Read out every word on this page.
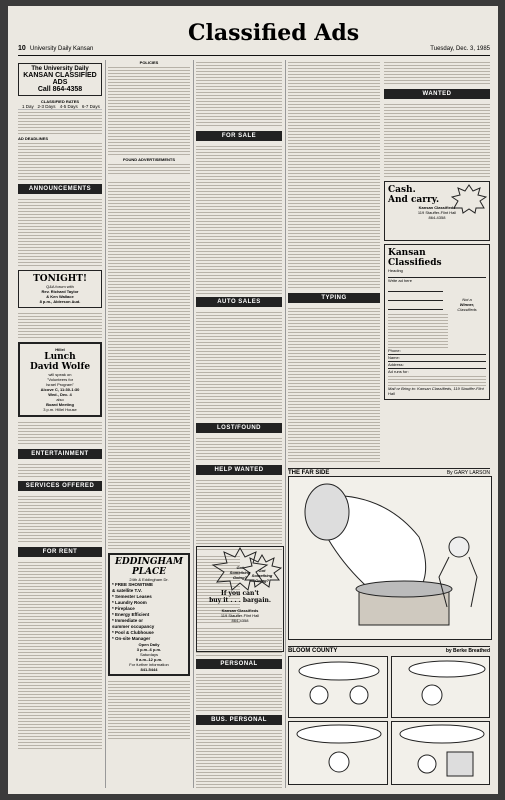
10 University Daily Kansan
Classified Ads
Tuesday, Dec. 3, 1985
The University Daily
KANSAN CLASSIFIED ADS
Call 864-4358
CLASSIFIED RATES
	1 Day	2-3 Days	4-5 Days	6-7 Days
AD DEADLINES
ANNOUNCEMENTS
TONIGHT!
Q&A forum with
Rev. Richard Taylor
& Ken Wallace
8 p.m., Alderson Aud.
Hillel
Lunch
David Wolfe
will speak on
"Volunteers for
Israel Program"
Alcove C, 11:30-1:30
Wed., Dec. 4
also
Board Meeting
3 p.m. Hillel House
ENTERTAINMENT
SERVICES OFFERED
FOR RENT
POLICIES
FOUND ADVERTISEMENTS
EDDINGHAM
PLACE
24th & Eddingham Dr.
* FREE SHOWTIME
& satellite T.V.
* Semester Leases
* Laundry Room
* Fireplace
* Energy Efficient
* Immediate or
summer occupancy
* Pool & Clubhouse
* On-site Manager
Open Daily
3 p.m.-6 p.m.
Saturdays
9 a.m.-12 p.m.
For further information
841-5444
FOR SALE
AUTO SALES
LOST/FOUND
HELP WANTED
Got
Something
Going?
PERSONAL
BUS. PERSONAL
TYPING
WANTED
Cash.
And carry.
Kansan Classifieds
119 Stauffer-Flint Hall
864-4358
Kansan
Classifieds
Heading
Write ad here
Not a
Winner,
Classifieds
Phone:
Name:
Address:
Ad runs for:
Mail or Bring to: Kansan Classifieds, 119 Stauffer-Flint Hall
THE FAR SIDE	By GARY LARSON
Got
Something
Going?
If you can't
buy it . . . bargain.
Kansan Classifieds
119 Stauffer-Flint Hall
864-4358
BLOOM COUNTY	by Berke Breathed
